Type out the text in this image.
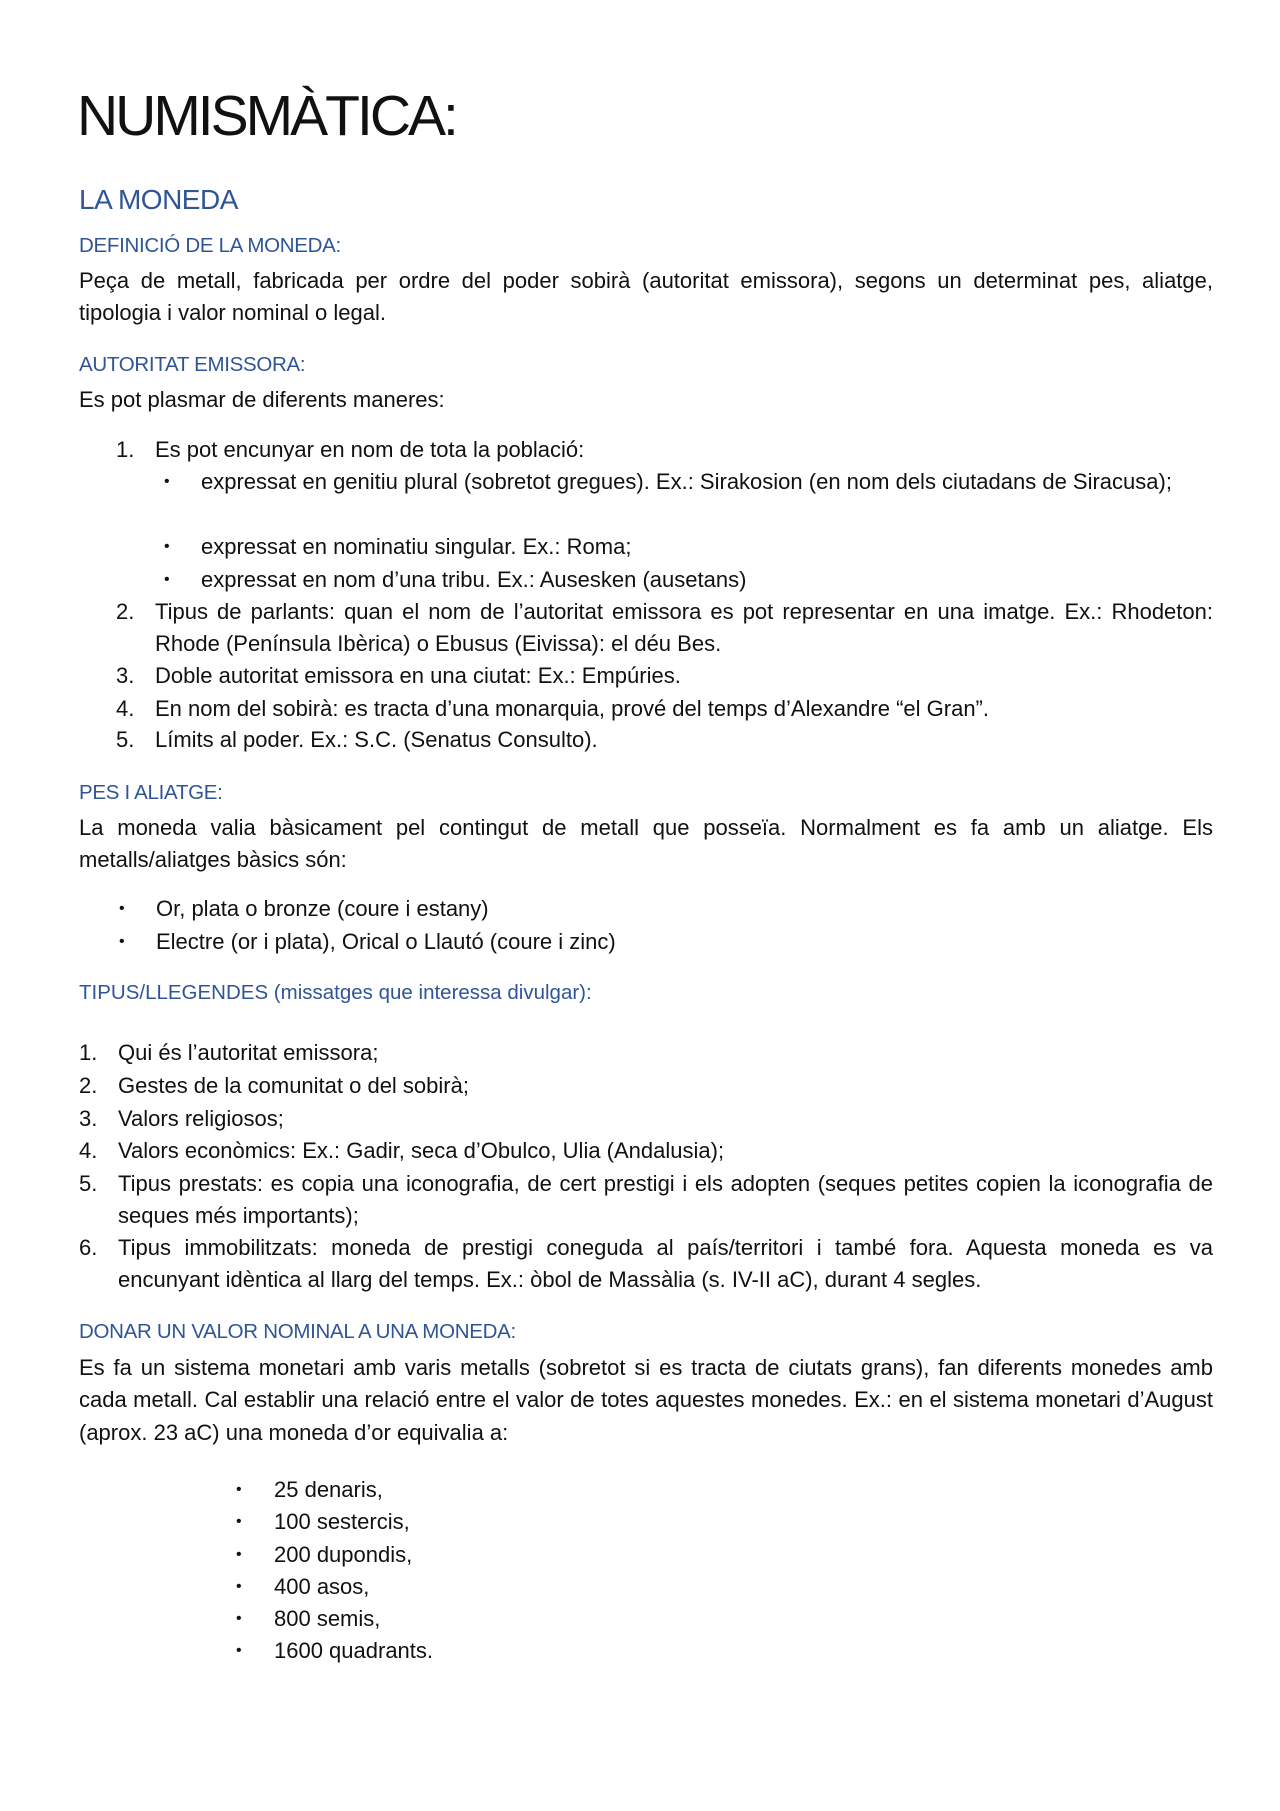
NUMISMÀTICA:
LA MONEDA
DEFINICIÓ DE LA MONEDA:
Peça de metall, fabricada per ordre del poder sobirà (autoritat emissora), segons un determinat pes, aliatge, tipologia i valor nominal o legal.
AUTORITAT EMISSORA:
Es pot plasmar de diferents maneres:
1. Es pot encunyar en nom de tota la població:
• expressat en genitiu plural (sobretot gregues). Ex.: Sirakosion (en nom dels ciutadans de Siracusa);
• expressat en nominatiu singular. Ex.: Roma;
• expressat en nom d’una tribu. Ex.: Ausesken (ausetans)
2. Tipus de parlants: quan el nom de l’autoritat emissora es pot representar en una imatge. Ex.: Rhodeton: Rhode (Península Ibèrica) o Ebusus (Eivissa): el déu Bes.
3. Doble autoritat emissora en una ciutat: Ex.: Empúries.
4. En nom del sobirà: es tracta d’una monarquia, prové del temps d’Alexandre “el Gran”.
5. Límits al poder. Ex.: S.C. (Senatus Consulto).
PES I ALIATGE:
La moneda valia bàsicament pel contingut de metall que posseïa. Normalment es fa amb un aliatge. Els metalls/aliatges bàsics són:
• Or, plata o bronze (coure i estany)
• Electre (or i plata), Orical o Llautó (coure i zinc)
TIPUS/LLEGENDES (missatges que interessa divulgar):
1. Qui és l’autoritat emissora;
2. Gestes de la comunitat o del sobirà;
3. Valors religiosos;
4. Valors econòmics: Ex.: Gadir, seca d’Obulco, Ulia (Andalusia);
5. Tipus prestats: es copia una iconografia, de cert prestigi i els adopten (seques petites copien la iconografia de seques més importants);
6. Tipus immobilitzats: moneda de prestigi coneguda al país/territori i també fora. Aquesta moneda es va encunyant idèntica al llarg del temps. Ex.: òbol de Massàlia (s. IV-II aC), durant 4 segles.
DONAR UN VALOR NOMINAL A UNA MONEDA:
Es fa un sistema monetari amb varis metalls (sobretot si es tracta de ciutats grans), fan diferents monedes amb cada metall. Cal establir una relació entre el valor de totes aquestes monedes. Ex.: en el sistema monetari d’August (aprox. 23 aC) una moneda d’or equivalia a:
• 25 denaris,
• 100 sestercis,
• 200 dupondis,
• 400 asos,
• 800 semis,
• 1600 quadrants.
